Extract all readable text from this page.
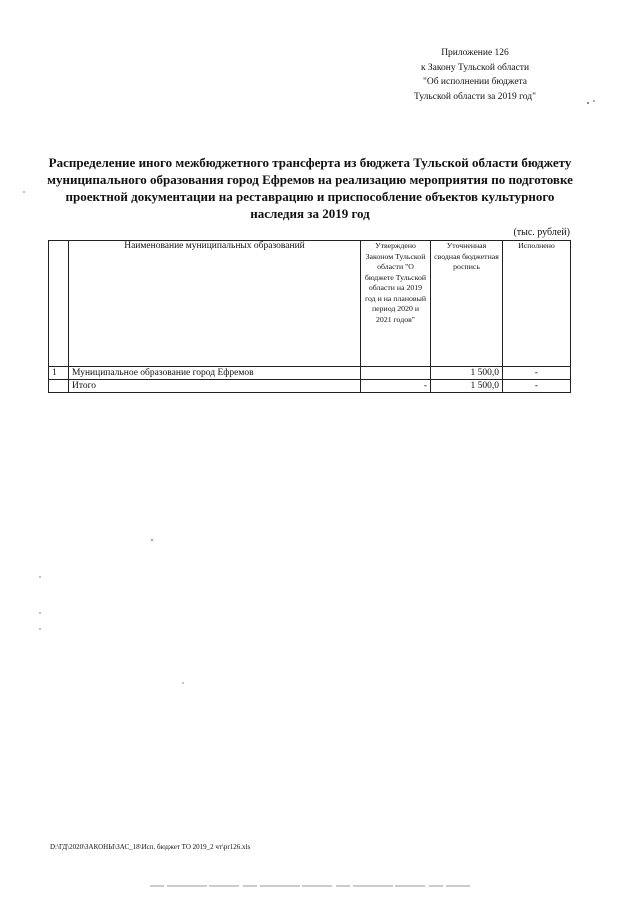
Приложение 126
к Закону Тульской области
"Об исполнении бюджета
Тульской области за 2019 год"
Распределение иного межбюджетного трансферта из бюджета Тульской области бюджету
муниципального образования город Ефремов на реализацию мероприятия по подготовке
проектной документации на реставрацию и приспособление объектов культурного
наследия за 2019 год
(тыс. рублей)
	Наименование муниципальных образований	Утверждено Законом Тульской области "О бюджете Тульской области на 2019 год и на плановый период 2020 и 2021 годов"	Уточненная сводная бюджетная роспись	Исполнено
1	Муниципальное образование город Ефремов		1 500,0	-
	Итого	-	1 500,0	-
D:\ГД\2020\ЗАКОНЫ\ЗАС_18\Исп. бюджет ТО 2019_2 чт\pr126.xls
